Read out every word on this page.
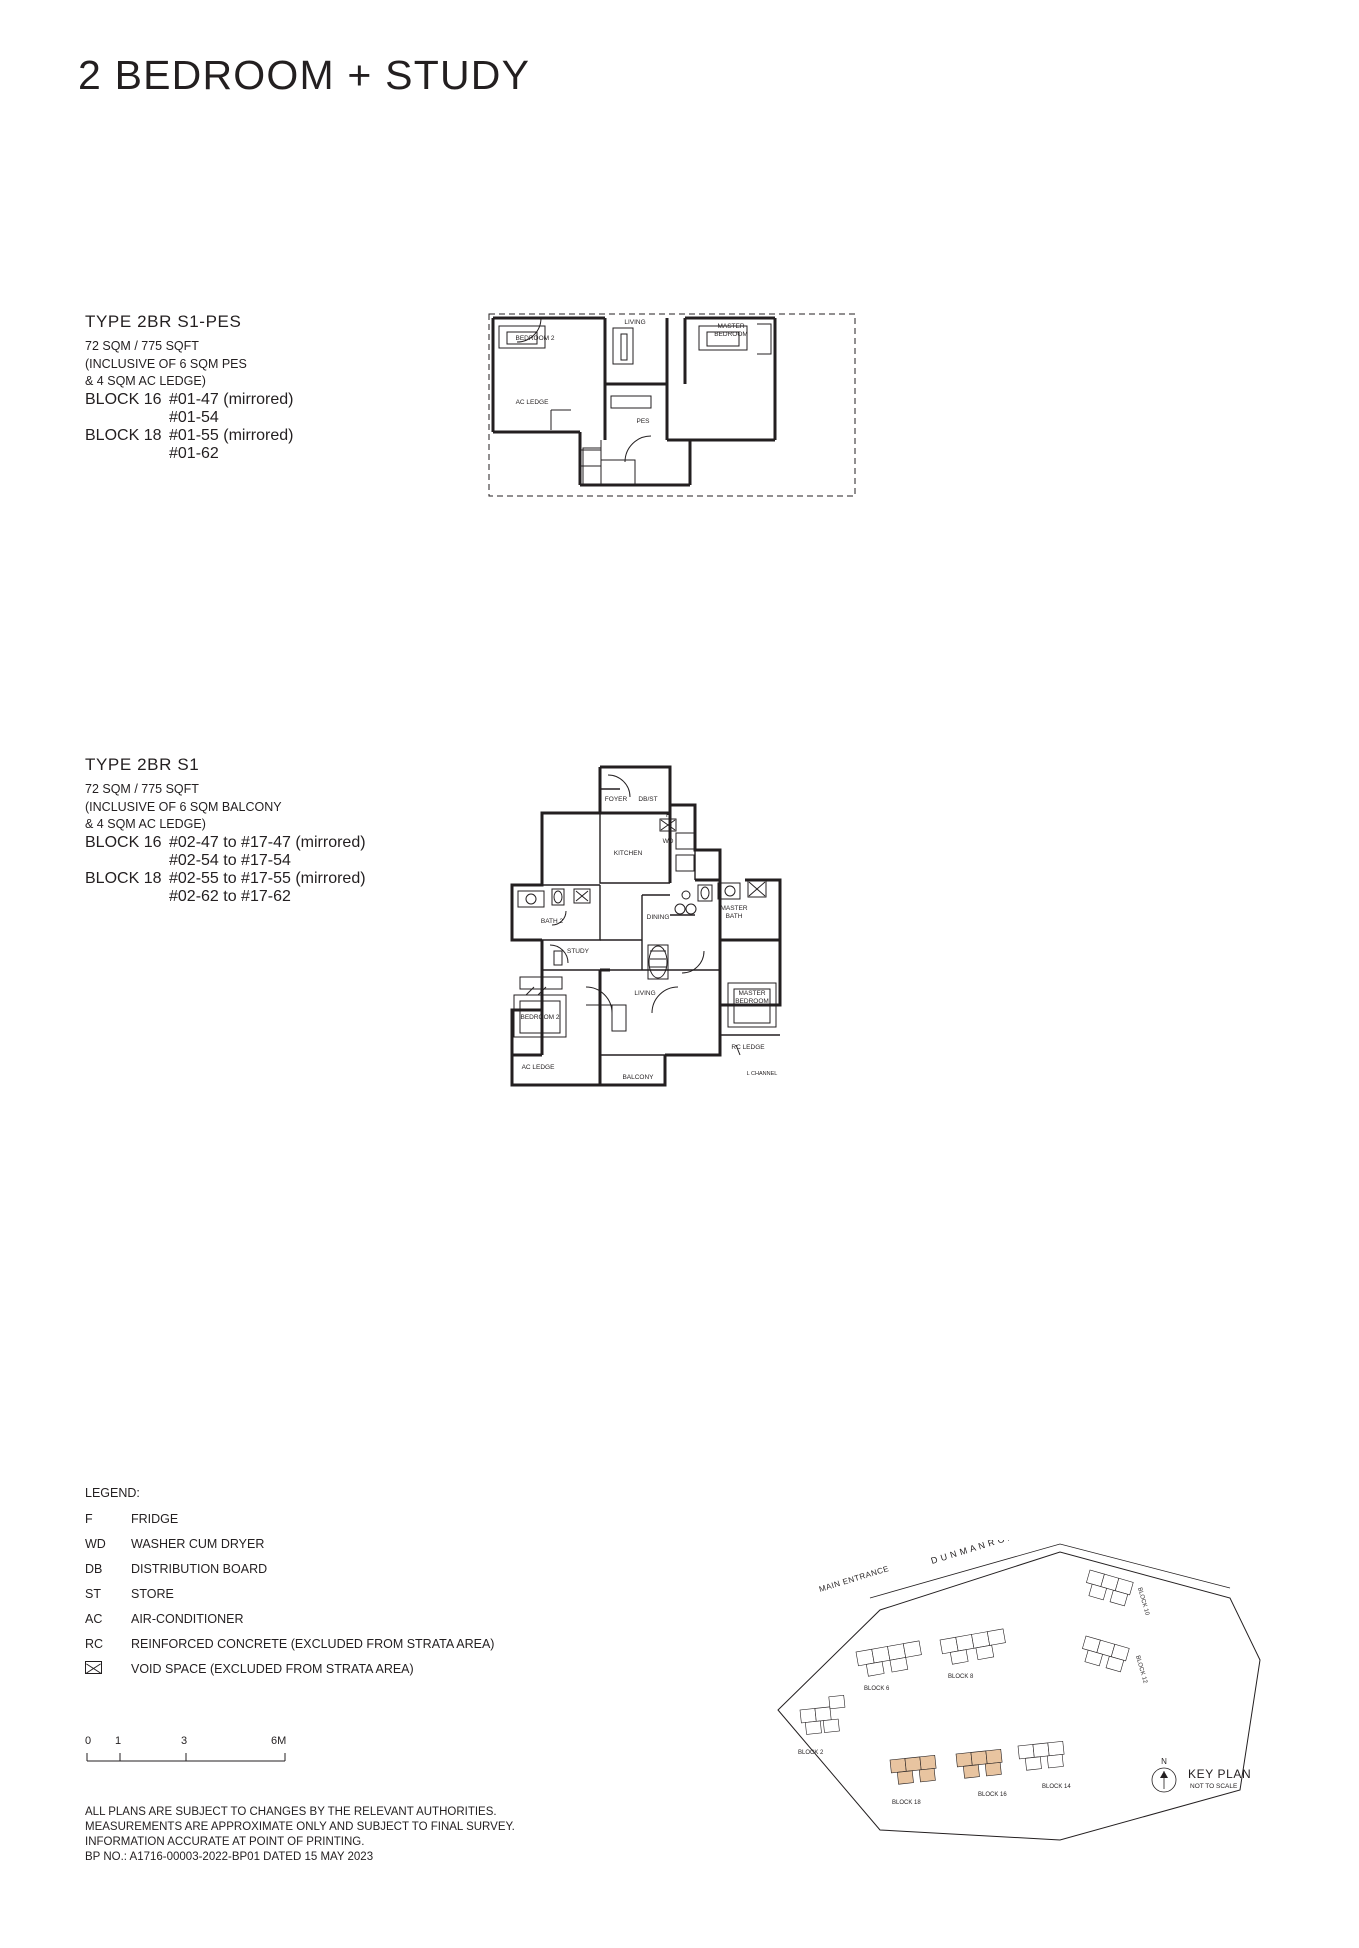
2 BEDROOM + STUDY
TYPE 2BR S1-PES
72 SQM / 775 SQFT
(INCLUSIVE OF 6 SQM PES
& 4 SQM AC LEDGE)
BLOCK 16 #01-47 (mirrored)
#01-54
BLOCK 18 #01-55 (mirrored)
#01-62
BEDROOM 2
LIVING
MASTER
BEDROOM
AC LEDGE
PES
TYPE 2BR S1
72 SQM / 775 SQFT
(INCLUSIVE OF 6 SQM BALCONY
& 4 SQM AC LEDGE)
BLOCK 16 #02-47 to #17-47 (mirrored)
#02-54 to #17-54
BLOCK 18 #02-55 to #17-55 (mirrored)
#02-62 to #17-62
FOYER DB/ST
F
WD
KITCHEN
BATH 2
STUDY
DINING
MASTER
BATH
BEDROOM 2
LIVING	MASTER
BEDROOM
AC LEDGE
RC LEDGE
BALCONY	L CHANNEL
LEGEND:
F	FRIDGE
WD	WASHER CUM DRYER
DB	DISTRIBUTION BOARD
ST	STORE
AC	AIR-CONDITIONER
RC	REINFORCED CONCRETE (EXCLUDED FROM STRATA AREA)
VOID SPACE (EXCLUDED FROM STRATA AREA)
0 1	3	6M
ALL PLANS ARE SUBJECT TO CHANGES BY THE RELEVANT AUTHORITIES.
MEASUREMENTS ARE APPROXIMATE ONLY AND SUBJECT TO FINAL SURVEY.
INFORMATION ACCURATE AT POINT OF PRINTING.
BP NO.: A1716-00003-2022-BP01 DATED 15 MAY 2023
MAIN ENTRANCE
D U N M A N R O A D
BLOCK 2
BLOCK 6
BLOCK 8
BLOCK 10
BLOCK 12
BLOCK 14
BLOCK 16
BLOCK 18
N
KEY PLAN
NOT TO SCALE
